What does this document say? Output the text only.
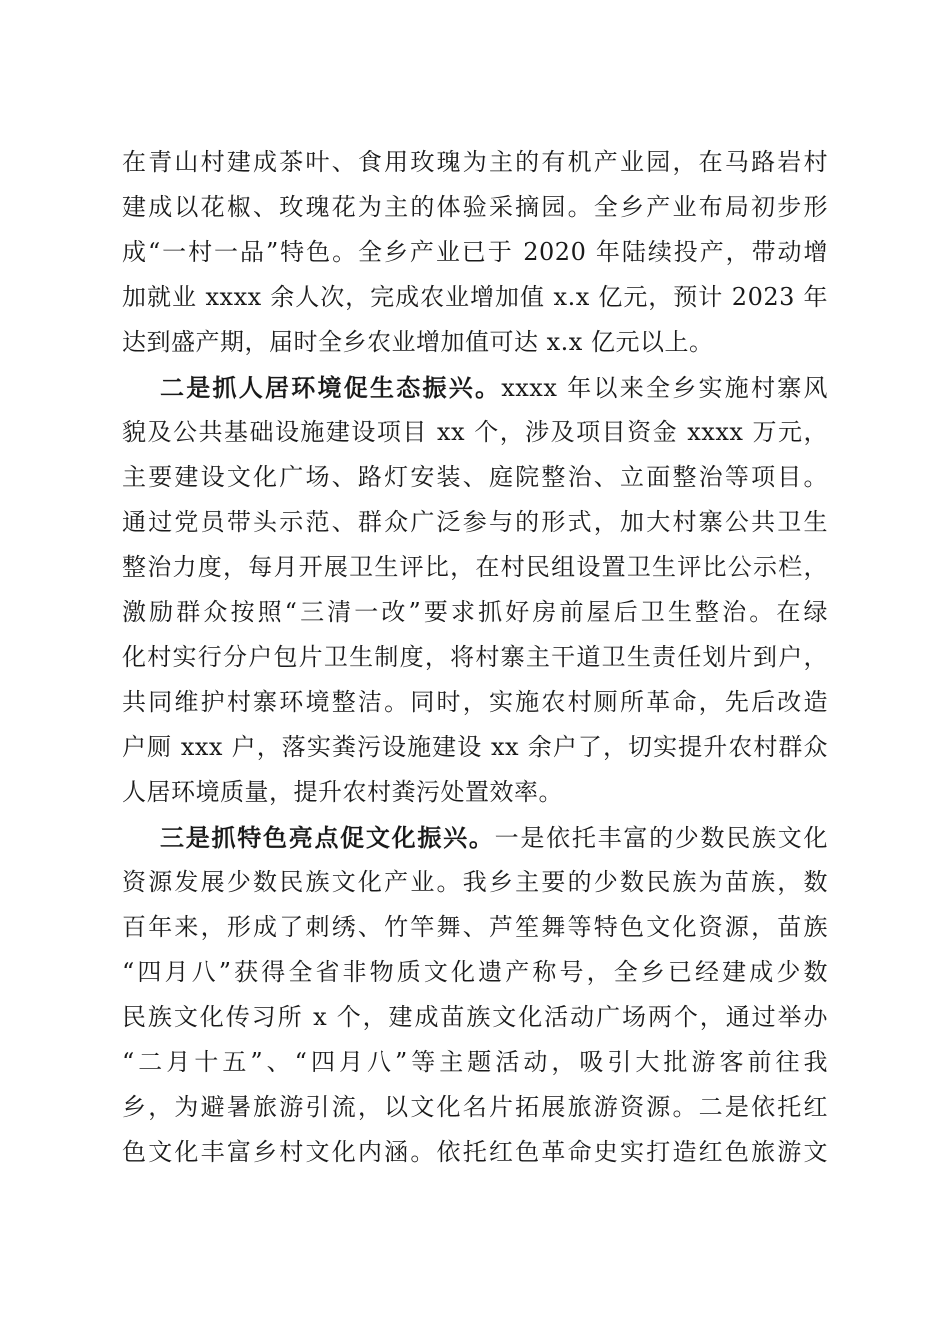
在青山村建成茶叶、食用玫瑰为主的有机产业园，在马路岩村
建成以花椒、玫瑰花为主的体验采摘园。全乡产业布局初步形
成“一村一品”特色。全乡产业已于 2020 年陆续投产，带动增
加就业 xxxx 余人次，完成农业增加值 x.x 亿元，预计 2023 年
达到盛产期，届时全乡农业增加值可达 x.x 亿元以上。
二是抓人居环境促生态振兴。xxxx 年以来全乡实施村寨风
貌及公共基础设施建设项目 xx 个，涉及项目资金 xxxx 万元，
主要建设文化广场、路灯安装、庭院整治、立面整治等项目。
通过党员带头示范、群众广泛参与的形式，加大村寨公共卫生
整治力度，每月开展卫生评比，在村民组设置卫生评比公示栏，
激励群众按照“三清一改”要求抓好房前屋后卫生整治。在绿
化村实行分户包片卫生制度，将村寨主干道卫生责任划片到户，
共同维护村寨环境整洁。同时，实施农村厕所革命，先后改造
户厕 xxx 户，落实粪污设施建设 xx 余户了，切实提升农村群众
人居环境质量，提升农村粪污处置效率。
三是抓特色亮点促文化振兴。一是依托丰富的少数民族文化
资源发展少数民族文化产业。我乡主要的少数民族为苗族，数
百年来，形成了刺绣、竹竿舞、芦笙舞等特色文化资源，苗族
“四月八”获得全省非物质文化遗产称号，全乡已经建成少数
民族文化传习所 x 个，建成苗族文化活动广场两个，通过举办
“二月十五”、“四月八”等主题活动，吸引大批游客前往我
乡，为避暑旅游引流，以文化名片拓展旅游资源。二是依托红
色文化丰富乡村文化内涵。依托红色革命史实打造红色旅游文
